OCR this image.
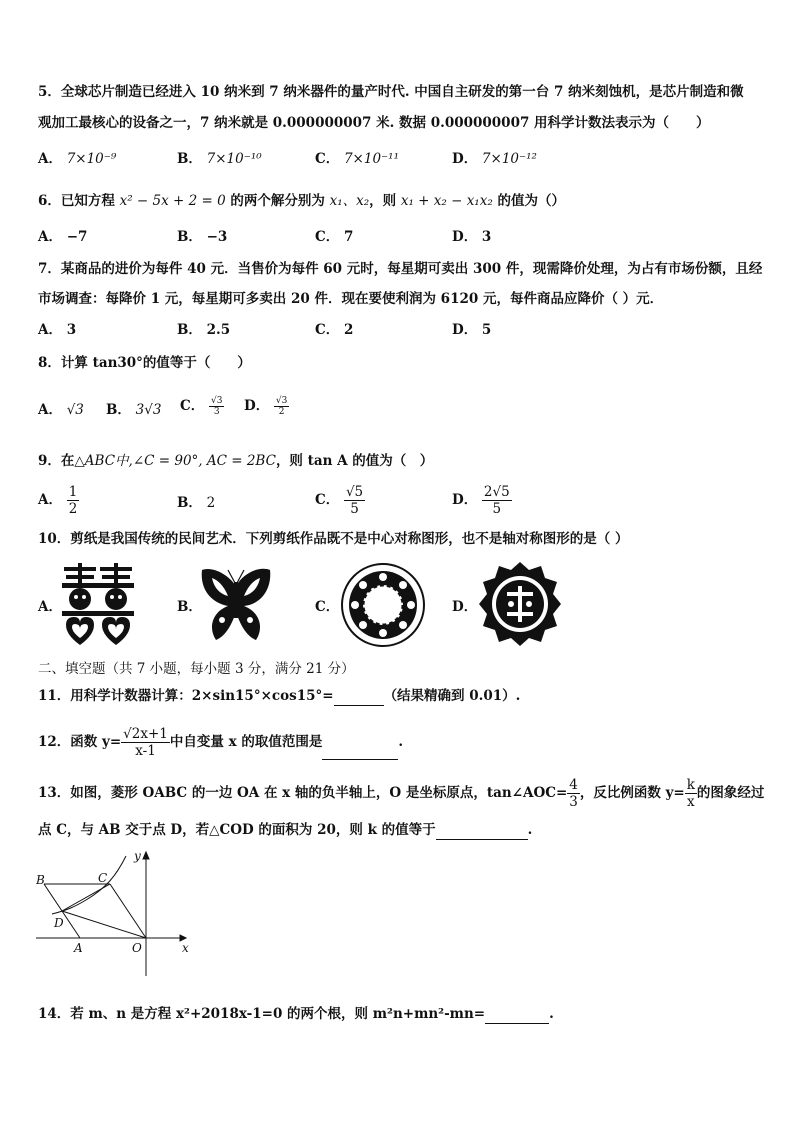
5．全球芯片制造已经进入 10 纳米到 7 纳米器件的量产时代. 中国自主研发的第一台 7 纳米刻蚀机，是芯片制造和微
观加工最核心的设备之一，7 纳米就是 0.000000007 米. 数据 0.000000007 用科学计数法表示为（　　）
A． 7×10⁻⁹	B． 7×10⁻¹⁰	C． 7×10⁻¹¹	D． 7×10⁻¹²
6．已知方程 x² − 5x + 2 = 0 的两个解分别为 x₁、x₂，则 x₁ + x₂ − x₁x₂ 的值为（）
A． −7	B． −3	C． 7	D． 3
7．某商品的进价为每件 40 元．当售价为每件 60 元时，每星期可卖出 300 件，现需降价处理，为占有市场份额，且经
市场调查：每降价 1 元，每星期可多卖出 20 件．现在要使利润为 6120 元，每件商品应降价（ ）元．
A． 3	B． 2.5	C． 2	D． 5
8．计算 tan30°的值等于（　　）
A． √3 B． 3√3 C． $\frac{√3}{3}$ D． $\frac{√3}{2}$
9．在△ABC中,∠C = 90°, AC = 2BC，则 tan A 的值为（　）
A． $\frac{1}{2}$	B． 2	C． $\frac{√5}{5}$	D． $\frac{2√5}{5}$
10．剪纸是我国传统的民间艺术．下列剪纸作品既不是中心对称图形，也不是轴对称图形的是（ ）
A．	B．	C．	D．
二、填空题（共 7 小题，每小题 3 分，满分 21 分）
11．用科学计数器计算：2×sin15°×cos15°=	（结果精确到 0.01）.
12．函数 $y= \frac{√2x+1}{x-1}$ 中自变量 x 的取值范围是	.
13．如图，菱形 OABC 的一边 OA 在 x 轴的负半轴上，O 是坐标原点，tan∠AOC= $\frac{4}{3}$ ，反比例函数 $y= \frac{k}{x}$ 的图象经过
点 C，与 AB 交于点 D，若△COD 的面积为 20，则 k 的值等于	.
B	C
D
A	O	x
y
14．若 m、n 是方程 x²+2018x-1=0 的两个根，则 m²n+mn²-mn=	.
